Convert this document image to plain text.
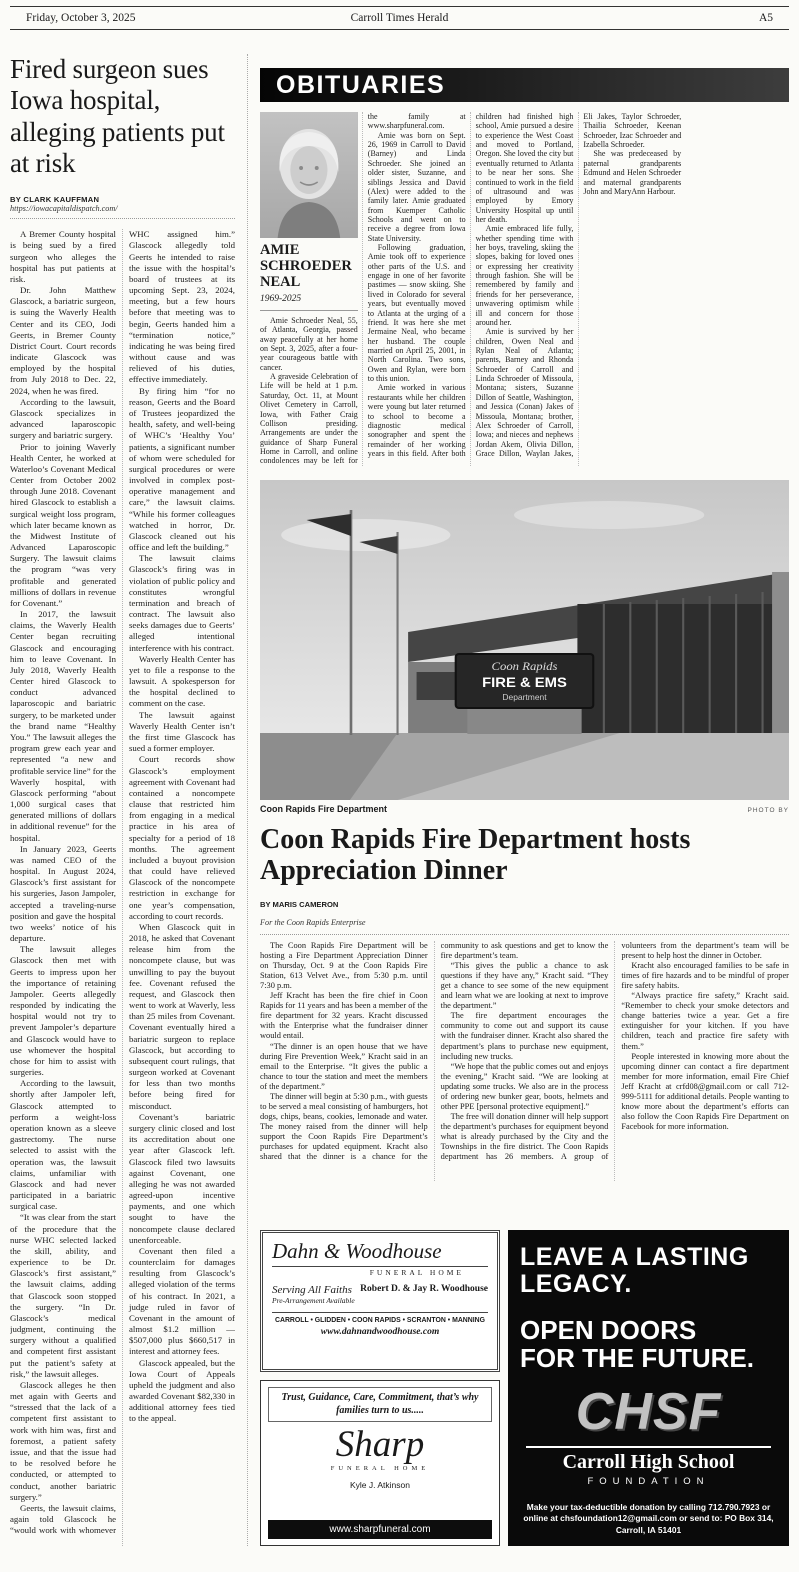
Friday, October 3, 2025	Carroll Times Herald	A5
Fired surgeon sues Iowa hospital, alleging patients put at risk
BY CLARK KAUFFMAN
https://iowacapitaldispatch.com/

A Bremer County hospital is being sued by a fired surgeon who alleges the hospital has put patients at risk.

Dr. John Matthew Glascock, a bariatric surgeon, is suing the Waverly Health Center and its CEO, Jodi Geerts, in Bremer County District Court. Court records indicate Glascock was employed by the hospital from July 2018 to Dec. 22, 2024, when he was fired.

According to the lawsuit, Glascock specializes in advanced laparoscopic surgery and bariatric surgery.

Prior to joining Waverly Health Center, he worked at Waterloo’s Covenant Medical Center from October 2002 through June 2018. Covenant hired Glascock to establish a surgical weight loss program, which later became known as the Midwest Institute of Advanced Laparoscopic Surgery. The lawsuit claims the program “was very profitable and generated millions of dollars in revenue for Covenant.”

In 2017, the lawsuit claims, the Waverly Health Center began recruiting Glascock and encouraging him to leave Covenant. In July 2018, Waverly Health Center hired Glascock to conduct advanced laparoscopic and bariatric surgery, to be marketed under the brand name “Healthy You.” The lawsuit alleges the program grew each year and represented “a new and profitable service line” for the Waverly hospital, with Glascock performing “about 1,000 surgical cases that generated millions of dollars in additional revenue” for the hospital.

In January 2023, Geerts was named CEO of the hospital. In August 2024, Glascock’s first assistant for his surgeries, Jason Jampoler, accepted a traveling-nurse position and gave the hospital two weeks’ notice of his departure.

The lawsuit alleges Glascock then met with Geerts to impress upon her the importance of retaining Jampoler. Geerts allegedly responded by indicating the hospital would not try to prevent Jampoler’s departure and Glascock would have to use whomever the hospital chose for him to assist with surgeries.

According to the lawsuit, shortly after Jampoler left, Glascock attempted to perform a weight-loss operation known as a sleeve gastrectomy. The nurse selected to assist with the operation was, the lawsuit claims, unfamiliar with Glascock and had never participated in a bariatric surgical case.

“It was clear from the start of the procedure that the nurse WHC selected lacked the skill, ability, and experience to be Dr. Glascock’s first assistant,” the lawsuit claims, adding that Glascock soon stopped the surgery. “In Dr. Glascock’s medical judgment, continuing the surgery without a qualified and competent first assistant put the patient’s safety at risk,” the lawsuit alleges.

Glascock alleges he then met again with Geerts and “stressed that the lack of a competent first assistant to work with him was, first and foremost, a patient safety issue, and that the issue had to be resolved before he conducted, or attempted to conduct, another bariatric surgery.”

Geerts, the lawsuit claims, again told Glascock he “would work with whomever WHC assigned him.” Glascock allegedly told Geerts he intended to raise the issue with the hospital’s board of trustees at its upcoming Sept. 23, 2024, meeting, but a few hours before that meeting was to begin, Geerts handed him a “termination notice,” indicating he was being fired without cause and was relieved of his duties, effective immediately.

By firing him “for no reason, Geerts and the Board of Trustees jeopardized the health, safety, and well-being of WHC’s ‘Healthy You’ patients, a significant number of whom were scheduled for surgical procedures or were involved in complex post-operative management and care,” the lawsuit claims. “While his former colleagues watched in horror, Dr. Glascock cleaned out his office and left the building.”

The lawsuit claims Glascock’s firing was in violation of public policy and constitutes wrongful termination and breach of contract. The lawsuit also seeks damages due to Geerts’ alleged intentional interference with his contract.

Waverly Health Center has yet to file a response to the lawsuit. A spokesperson for the hospital declined to comment on the case.

The lawsuit against Waverly Health Center isn’t the first time Glascock has sued a former employer.

Court records show Glascock’s employment agreement with Covenant had contained a noncompete clause that restricted him from engaging in a medical practice in his area of specialty for a period of 18 months. The agreement included a buyout provision that could have relieved Glascock of the noncompete restriction in exchange for one year’s compensation, according to court records.

When Glascock quit in 2018, he asked that Covenant release him from the noncompete clause, but was unwilling to pay the buyout fee. Covenant refused the request, and Glascock then went to work at Waverly, less than 25 miles from Covenant. Covenant eventually hired a bariatric surgeon to replace Glascock, but according to subsequent court rulings, that surgeon worked at Covenant for less than two months before being fired for misconduct.

Covenant’s bariatric surgery clinic closed and lost its accreditation about one year after Glascock left. Glascock filed two lawsuits against Covenant, one alleging he was not awarded agreed-upon incentive payments, and one which sought to have the noncompete clause declared unenforceable.

Covenant then filed a counterclaim for damages resulting from Glascock’s alleged violation of the terms of his contract. In 2021, a judge ruled in favor of Covenant in the amount of almost $1.2 million — $507,000 plus $660,517 in interest and attorney fees.

Glascock appealed, but the Iowa Court of Appeals upheld the judgment and also awarded Covenant $82,330 in additional attorney fees tied to the appeal.

OBITUARIES
AMIE SCHROEDER NEAL
1969-2025

Amie Schroeder Neal, 55, of Atlanta, Georgia, passed away peacefully at her home on Sept. 3, 2025, after a four-year courageous battle with cancer.

A graveside Celebration of Life will be held at 1 p.m. Saturday, Oct. 11, at Mount Olivet Cemetery in Carroll, Iowa, with Father Craig Collison presiding. Arrangements are under the guidance of Sharp Funeral Home in Carroll, and online condolences may be left for the family at www.sharpfuneral.com.

Amie was born on Sept. 26, 1969 in Carroll to David (Barney) and Linda Schroeder. She joined an older sister, Suzanne, and siblings Jessica and David (Alex) were added to the family later. Amie graduated from Kuemper Catholic Schools and went on to receive a degree from Iowa State University.

Following graduation, Amie took off to experience other parts of the U.S. and engage in one of her favorite pastimes — snow skiing. She lived in Colorado for several years, but eventually moved to Atlanta at the urging of a friend. It was here she met Jermaine Neal, who became her husband. The couple married on April 25, 2001, in North Carolina. Two sons, Owen and Rylan, were born to this union.

Amie worked in various restaurants while her children were young but later returned to school to become a diagnostic medical sonographer and spent the remainder of her working years in this field. After both children had finished high school, Amie pursued a desire to experience the West Coast and moved to Portland, Oregon. She loved the city but eventually returned to Atlanta to be near her sons. She continued to work in the field of ultrasound and was employed by Emory University Hospital up until her death.

Amie embraced life fully, whether spending time with her boys, traveling, skiing the slopes, baking for loved ones or expressing her creativity through fashion. She will be remembered by family and friends for her perseverance, unwavering optimism while ill and concern for those around her.

Amie is survived by her children, Owen Neal and Rylan Neal of Atlanta; parents, Barney and Rhonda Schroeder of Carroll and Linda Schroeder of Missoula, Montana; sisters, Suzanne Dillon of Seattle, Washington, and Jessica (Conan) Jakes of Missoula, Montana; brother, Alex Schroeder of Carroll, Iowa; and nieces and nephews Jordan Akem, Olivia Dillon, Grace Dillon, Waylan Jakes, Eli Jakes, Taylor Schroeder, Thailia Schroeder, Keenan Schroeder, Izac Schroeder and Izabella Schroeder.

She was predeceased by paternal grandparents Edmund and Helen Schroeder and maternal grandparents John and MaryAnn Harbour.

Coon Rapids
FIRE & EMS
Department
Coon Rapids Fire Department	PHOTO BY
Coon Rapids Fire Department hosts Appreciation Dinner
BY MARIS CAMERON
For the Coon Rapids Enterprise

The Coon Rapids Fire Department will be hosting a Fire Department Appreciation Dinner on Thursday, Oct. 9 at the Coon Rapids Fire Station, 613 Velvet Ave., from 5:30 p.m. until 7:30 p.m.

Jeff Kracht has been the fire chief in Coon Rapids for 11 years and has been a member of the fire department for 32 years. Kracht discussed with the Enterprise what the fundraiser dinner would entail.

“The dinner is an open house that we have during Fire Prevention Week,” Kracht said in an email to the Enterprise. “It gives the public a chance to tour the station and meet the members of the department.”

The dinner will begin at 5:30 p.m., with guests to be served a meal consisting of hamburgers, hot dogs, chips, beans, cookies, lemonade and water. The money raised from the dinner will help support the Coon Rapids Fire Department’s purchases for updated equipment. Kracht also shared that the dinner is a chance for the community to ask questions and get to know the fire department’s team.

“This gives the public a chance to ask questions if they have any,” Kracht said. “They get a chance to see some of the new equipment and learn what we are looking at next to improve the department.”

The fire department encourages the community to come out and support its cause with the fundraiser dinner. Kracht also shared the department’s plans to purchase new equipment, including new trucks.

“We hope that the public comes out and enjoys the evening,” Kracht said. “We are looking at updating some trucks. We also are in the process of ordering new bunker gear, boots, helmets and other PPE [personal protective equipment].”

The free will donation dinner will help support the department’s purchases for equipment beyond what is already purchased by the City and the Townships in the fire district. The Coon Rapids department has 26 members. A group of volunteers from the department’s team will be present to help host the dinner in October.

Kracht also encouraged families to be safe in times of fire hazards and to be mindful of proper fire safety habits.

“Always practice fire safety,” Kracht said. “Remember to check your smoke detectors and change batteries twice a year. Get a fire extinguisher for your kitchen. If you have children, teach and practice fire safety with them.”

People interested in knowing more about the upcoming dinner can contact a fire department member for more information, email Fire Chief Jeff Kracht at crfd08@gmail.com or call 712-999-5111 for additional details. People wanting to know more about the department’s efforts can also follow the Coon Rapids Fire Department on Facebook for more information.

Dahn & Woodhouse
FUNERAL HOME
Serving All Faiths
Pre-Arrangement Available
Robert D. & Jay R. Woodhouse
CARROLL • GLIDDEN • COON RAPIDS • SCRANTON • MANNING
www.dahnandwoodhouse.com
Trust, Guidance, Care, Commitment, that’s why families turn to us.....
Sharp
FUNERAL HOME
Kyle J. Atkinson
www.sharpfuneral.com
LEAVE A LASTING
LEGACY.
OPEN DOORS
FOR THE FUTURE.
CHSF
Carroll High School
FOUNDATION
Make your tax-deductible donation by calling 712.790.7923 or online at chsfoundation12@gmail.com or send to: PO Box 314, Carroll, IA 51401
